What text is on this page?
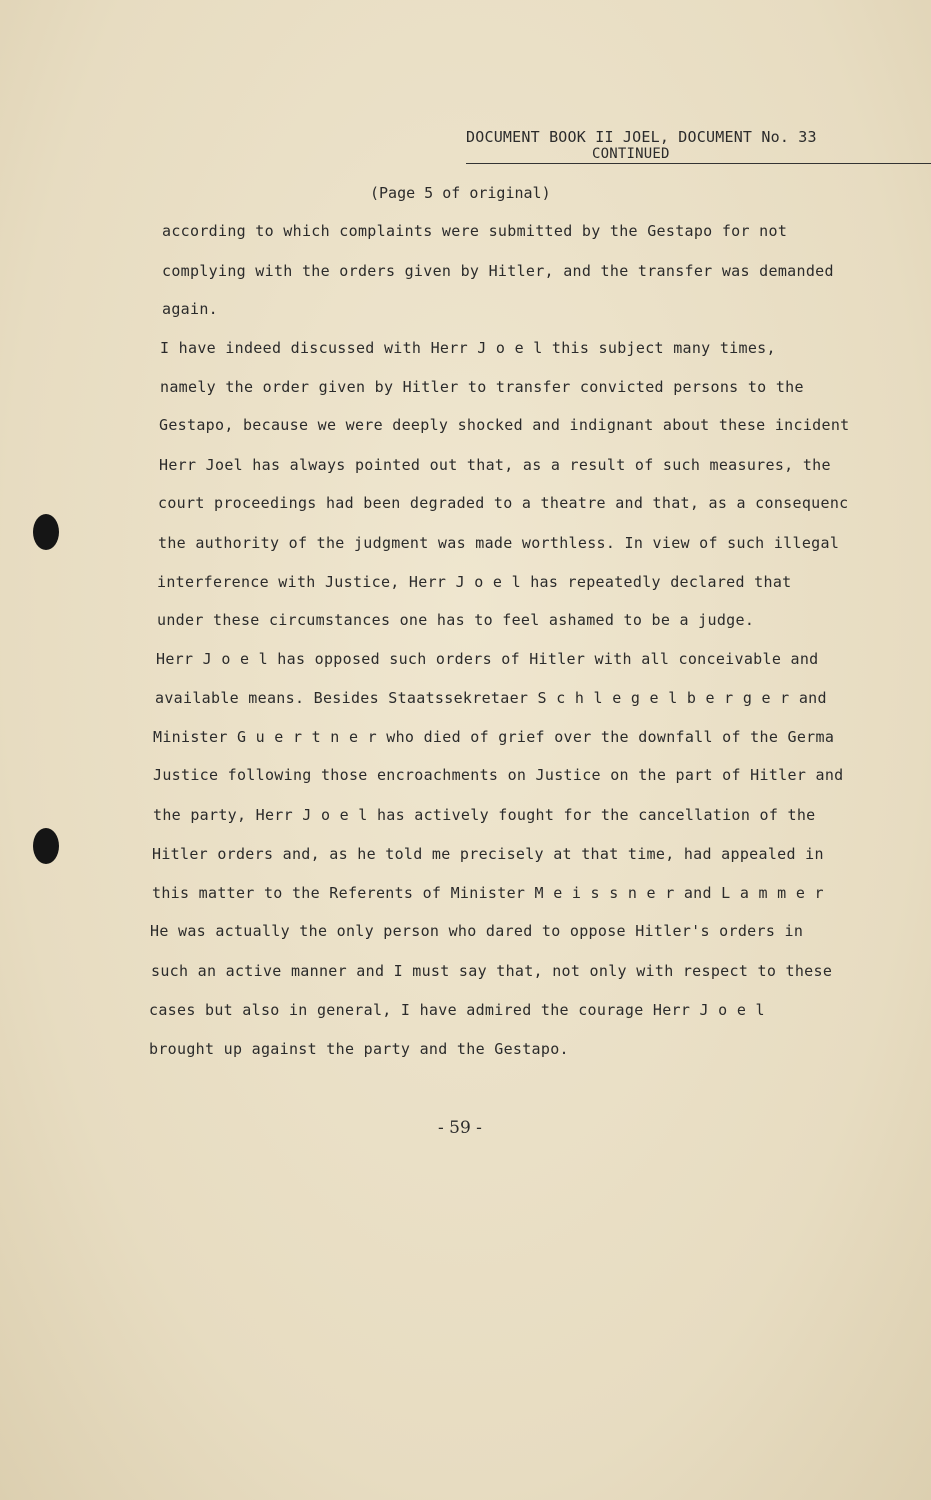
DOCUMENT BOOK II JOEL, DOCUMENT No. 33
CONTINUED
(Page 5 of original)
according to which complaints were submitted by the Gestapo for not
complying with the orders given by Hitler, and the transfer was demanded
again.
I have indeed discussed with Herr J o e l this subject many times,
namely the order given by Hitler to transfer convicted persons to the
Gestapo, because we were deeply shocked and indignant about these incident
Herr Joel has always pointed out that, as a result of such measures, the
court proceedings had been degraded to a theatre and that, as a consequenc
the authority of the judgment was made worthless. In view of such illegal
interference with Justice, Herr J o e l has repeatedly declared that
under these circumstances one has to feel ashamed to be a judge.
Herr J o e l has opposed such orders of Hitler with all conceivable and
available means. Besides Staatssekretaer S c h l e g e l b e r g e r and
Minister G u e r t n e r who died of grief over the downfall of the Germa
Justice following those encroachments on Justice on the part of Hitler and
the party, Herr J o e l has actively fought for the cancellation of the
Hitler orders and, as he told me precisely at that time, had appealed in
this matter to the Referents of Minister M e i s s n e r and L a m m e r
He was actually the only person who dared to oppose Hitler's orders in
such an active manner and I must say that, not only with respect to these
cases but also in general, I have admired the courage Herr J o e l
brought up against the party and the Gestapo.
- 59 -
